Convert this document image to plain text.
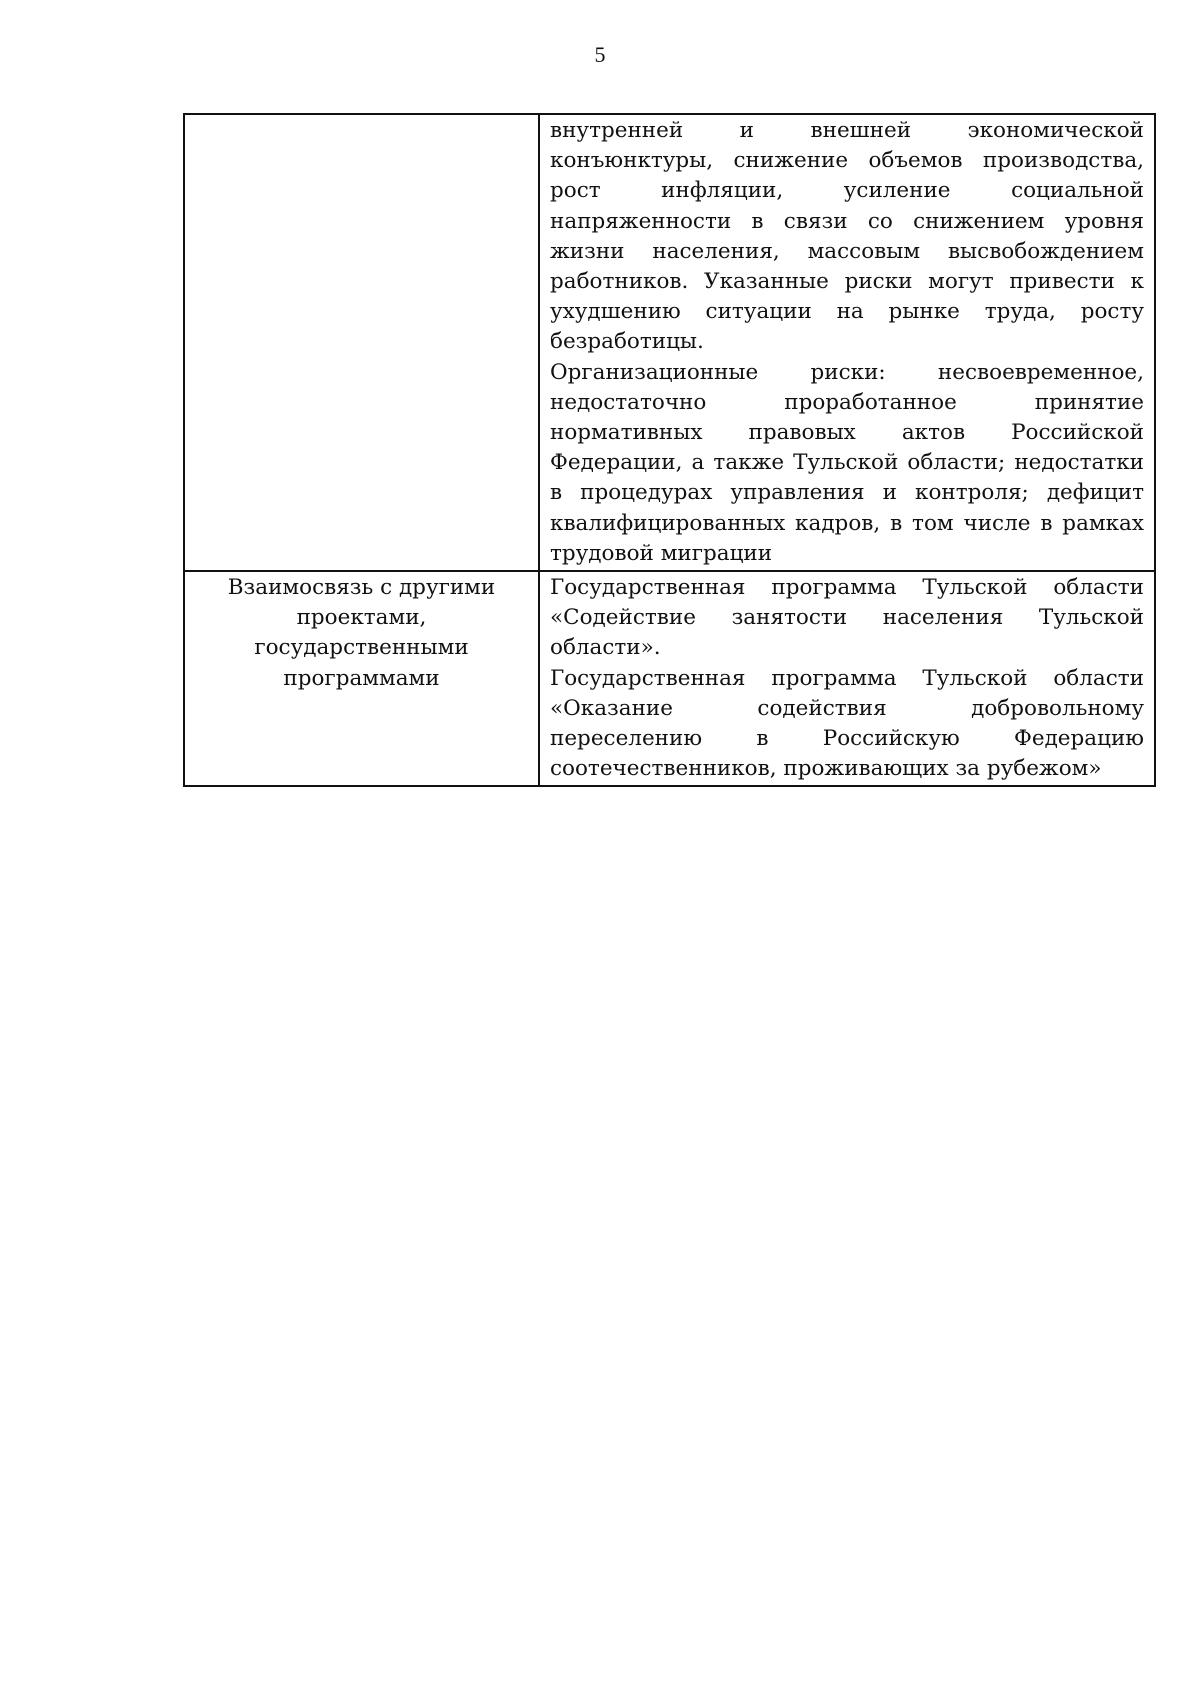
5

	внутренней и внешней экономической конъюнктуры, снижение объемов производства, рост инфляции, усиление социальной напряженности в связи со снижением уровня жизни населения, массовым высвобождением работников. Указанные риски могут привести к ухудшению ситуации на рынке труда, росту безработицы.

Организационные риски: несвоевременное, недостаточно проработанное принятие нормативных правовых актов Российской Федерации, а также Тульской области; недостатки в процедурах управления и контроля; дефицит квалифицированных кадров, в том числе в рамках трудовой миграции

Взаимосвязь с другими проектами, государственными программами	Государственная программа Тульской области «Содействие занятости населения Тульской области».

Государственная программа Тульской области «Оказание содействия добровольному переселению в Российскую Федерацию соотечественников, проживающих за рубежом»
